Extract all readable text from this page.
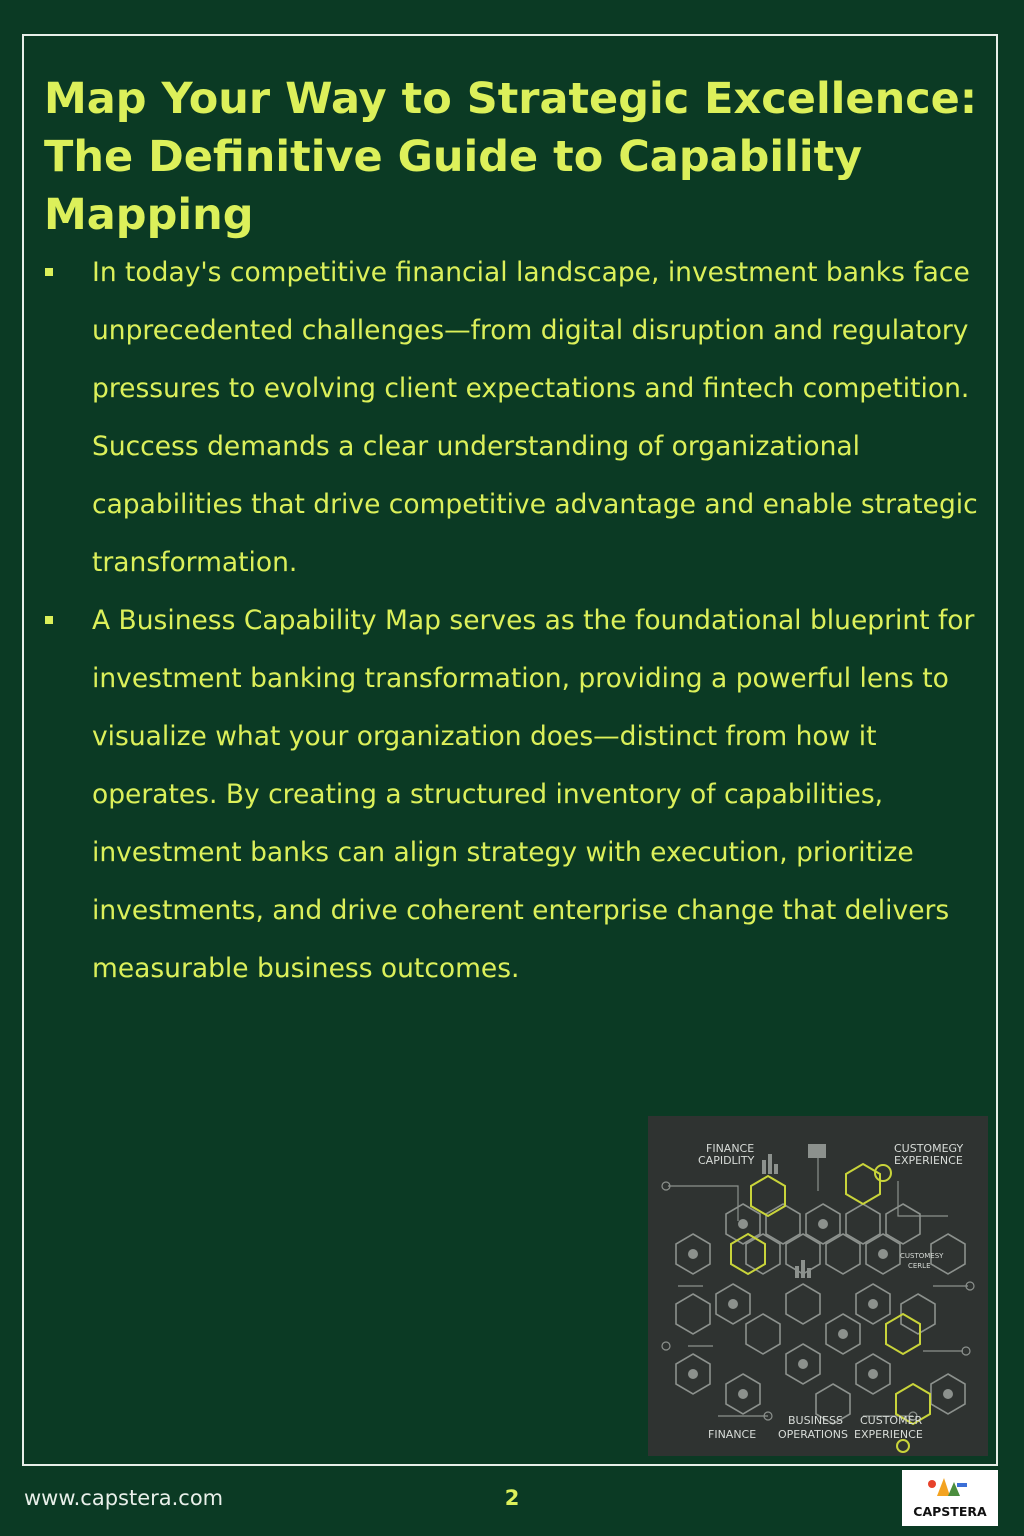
Map Your Way to Strategic Excellence: The Definitive Guide to Capability Mapping
In today's competitive financial landscape, investment banks face unprecedented challenges—from digital disruption and regulatory pressures to evolving client expectations and fintech competition. Success demands a clear understanding of organizational capabilities that drive competitive advantage and enable strategic transformation.
A Business Capability Map serves as the foundational blueprint for investment banking transformation, providing a powerful lens to visualize what your organization does—distinct from how it operates. By creating a structured inventory of capabilities, investment banks can align strategy with execution, prioritize investments, and drive coherent enterprise change that delivers measurable business outcomes.
FINANCE
CAPIDLITY
CUSTOMEGY
EXPERIENCE
CUSTOMESY
CERLE
FINANCE
BUSINESS
OPERATIONS
CUSTOMER
EXPERIENCE
www.capstera.com	2
CAPSTERA
